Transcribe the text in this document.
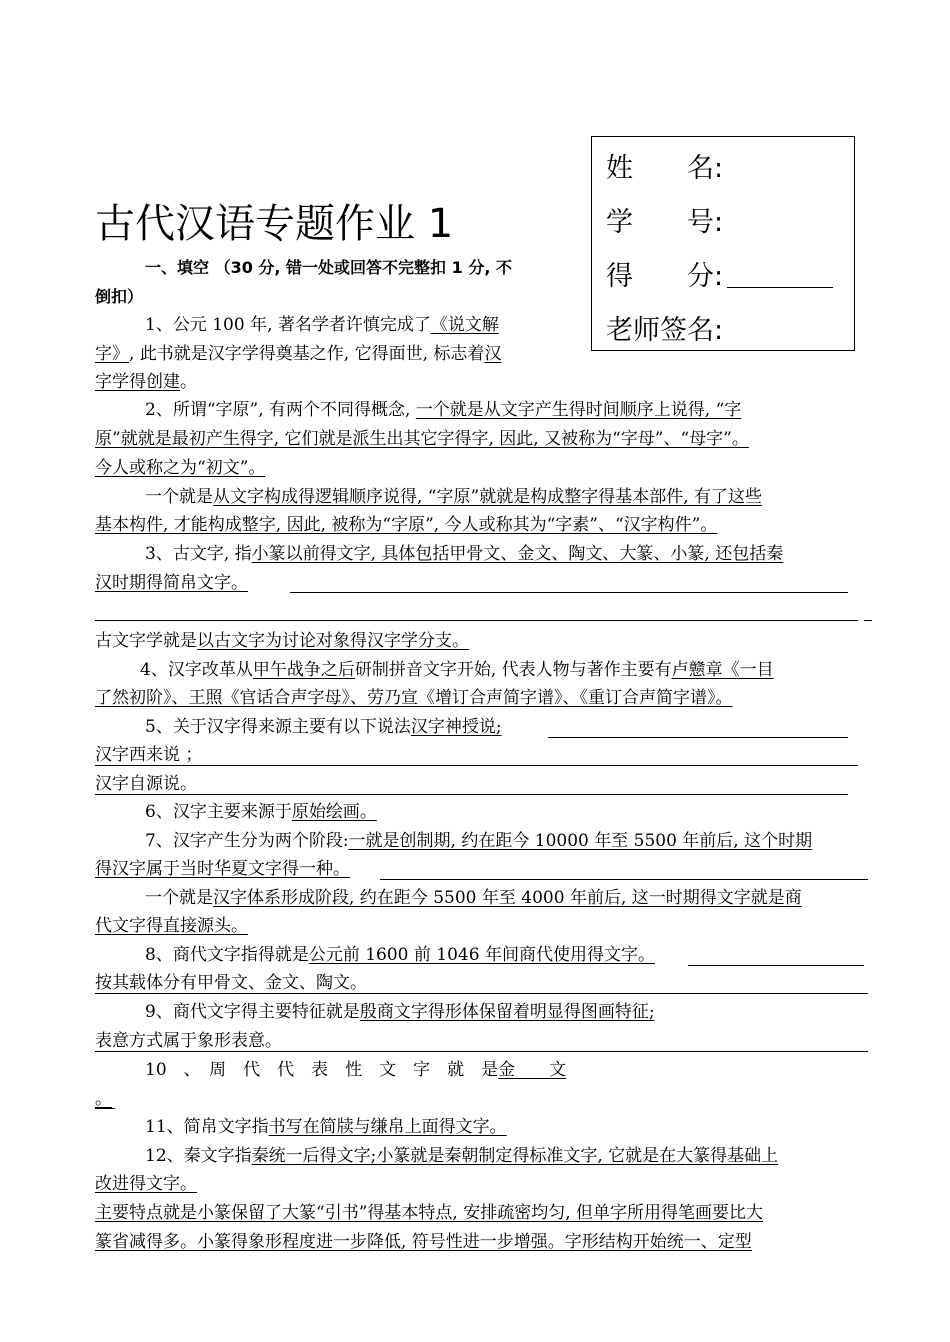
姓　　名:
学　　号:
得　　分:
老师签名:
古代汉语专题作业 1
一、填空 （30 分, 错一处或回答不完整扣 1 分, 不
倒扣）
1、公元 100 年, 著名学者许慎完成了《说文解
字》, 此书就是汉字学得奠基之作, 它得面世, 标志着汉
字学得创建。
2、所谓“字原”, 有两个不同得概念, 一个就是从文字产生得时间顺序上说得, “字
原”就就是最初产生得字, 它们就是派生出其它字得字, 因此, 又被称为“字母”、“母字”。
今人或称之为“初文”。
一个就是从文字构成得逻辑顺序说得, “字原”就就是构成整字得基本部件, 有了这些
基本构件, 才能构成整字, 因此, 被称为“字原”, 今人或称其为“字素”、“汉字构件”。
3、古文字, 指小篆以前得文字, 具体包括甲骨文、金文、陶文、大篆、小篆, 还包括秦
汉时期得简帛文字。
古文字学就是以古文字为讨论对象得汉字学分支。
4、汉字改革从甲午战争之后研制拼音文字开始, 代表人物与著作主要有卢戆章《一目
了然初阶》、王照《官话合声字母》、劳乃宣《增订合声简字谱》、《重订合声简字谱》。
5、关于汉字得来源主要有以下说法汉字神授说;
汉字西来说 ；
汉字自源说。
6、汉字主要来源于原始绘画。
7、汉字产生分为两个阶段:一就是创制期, 约在距今 10000 年至 5500 年前后, 这个时期
得汉字属于当时华夏文字得一种。
一个就是汉字体系形成阶段, 约在距今 5500 年至 4000 年前后, 这一时期得文字就是商
代文字得直接源头。
8、商代文字指得就是公元前 1600 前 1046 年间商代使用得文字。
按其载体分有甲骨文、金文、陶文。
9、商代文字得主要特征就是殷商文字得形体保留着明显得图画特征;
表意方式属于象形表意。
10　、　周　代　代　表　性　文　字　就　是金　　文
。
11、简帛文字指书写在简牍与缣帛上面得文字。
12、秦文字指秦统一后得文字;小篆就是秦朝制定得标准文字, 它就是在大篆得基础上
改进得文字。
主要特点就是小篆保留了大篆“引书”得基本特点, 安排疏密均匀, 但单字所用得笔画要比大
篆省减得多。小篆得象形程度进一步降低, 符号性进一步增强。字形结构开始统一、定型
